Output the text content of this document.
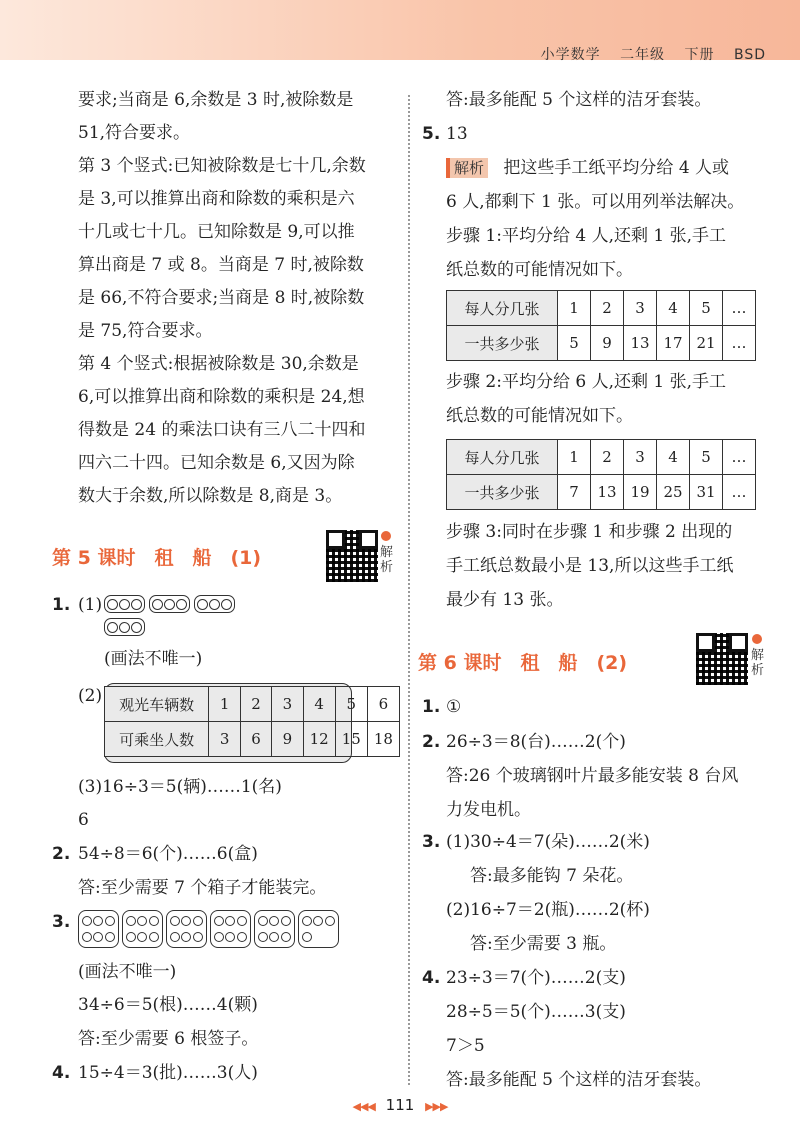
小学数学 二年级 下册 BSD
要求;当商是 6,余数是 3 时,被除数是
51,符合要求。
第 3 个竖式:已知被除数是七十几,余数
是 3,可以推算出商和除数的乘积是六
十几或七十几。已知除数是 9,可以推
算出商是 7 或 8。当商是 7 时,被除数
是 66,不符合要求;当商是 8 时,被除数
是 75,符合要求。
第 4 个竖式:根据被除数是 30,余数是
6,可以推算出商和除数的乘积是 24,想
得数是 24 的乘法口诀有三八二十四和
四六二十四。已知余数是 6,又因为除
数大于余数,所以除数是 8,商是 3。
第 5 课时　租　船　(1)	解析
1. (1)
(画法不唯一)
(2) 观光车辆数	1	2	3	4	5	6
可乘坐人数	3	6	9	12	15	18
(3)16÷3＝5(辆)……1(名)
6
2. 54÷8＝6(个)……6(盒)
答:至少需要 7 个箱子才能装完。
3.
(画法不唯一)
34÷6＝5(根)……4(颗)
答:至少需要 6 根签子。
4. 15÷4＝3(批)……3(人)
答:最多能配 5 个这样的洁牙套装。
5. 13
解析 把这些手工纸平均分给 4 人或
6 人,都剩下 1 张。可以用列举法解决。
步骤 1:平均分给 4 人,还剩 1 张,手工
纸总数的可能情况如下。
每人分几张	1	2	3	4	5	…
一共多少张	5	9	13	17	21	…
步骤 2:平均分给 6 人,还剩 1 张,手工
纸总数的可能情况如下。
每人分几张	1	2	3	4	5	…
一共多少张	7	13	19	25	31	…
步骤 3:同时在步骤 1 和步骤 2 出现的
手工纸总数最小是 13,所以这些手工纸
最少有 13 张。
第 6 课时　租　船　(2)	解析
1. ①
2. 26÷3＝8(台)……2(个)
答:26 个玻璃钢叶片最多能安装 8 台风
力发电机。
3. (1)30÷4＝7(朵)……2(米)
答:最多能钩 7 朵花。
(2)16÷7＝2(瓶)……2(杯)
答:至少需要 3 瓶。
4. 23÷3＝7(个)……2(支)
28÷5＝5(个)……3(支)
7＞5
答:最多能配 5 个这样的洁牙套装。
◀◀◀ 111 ▶▶▶
